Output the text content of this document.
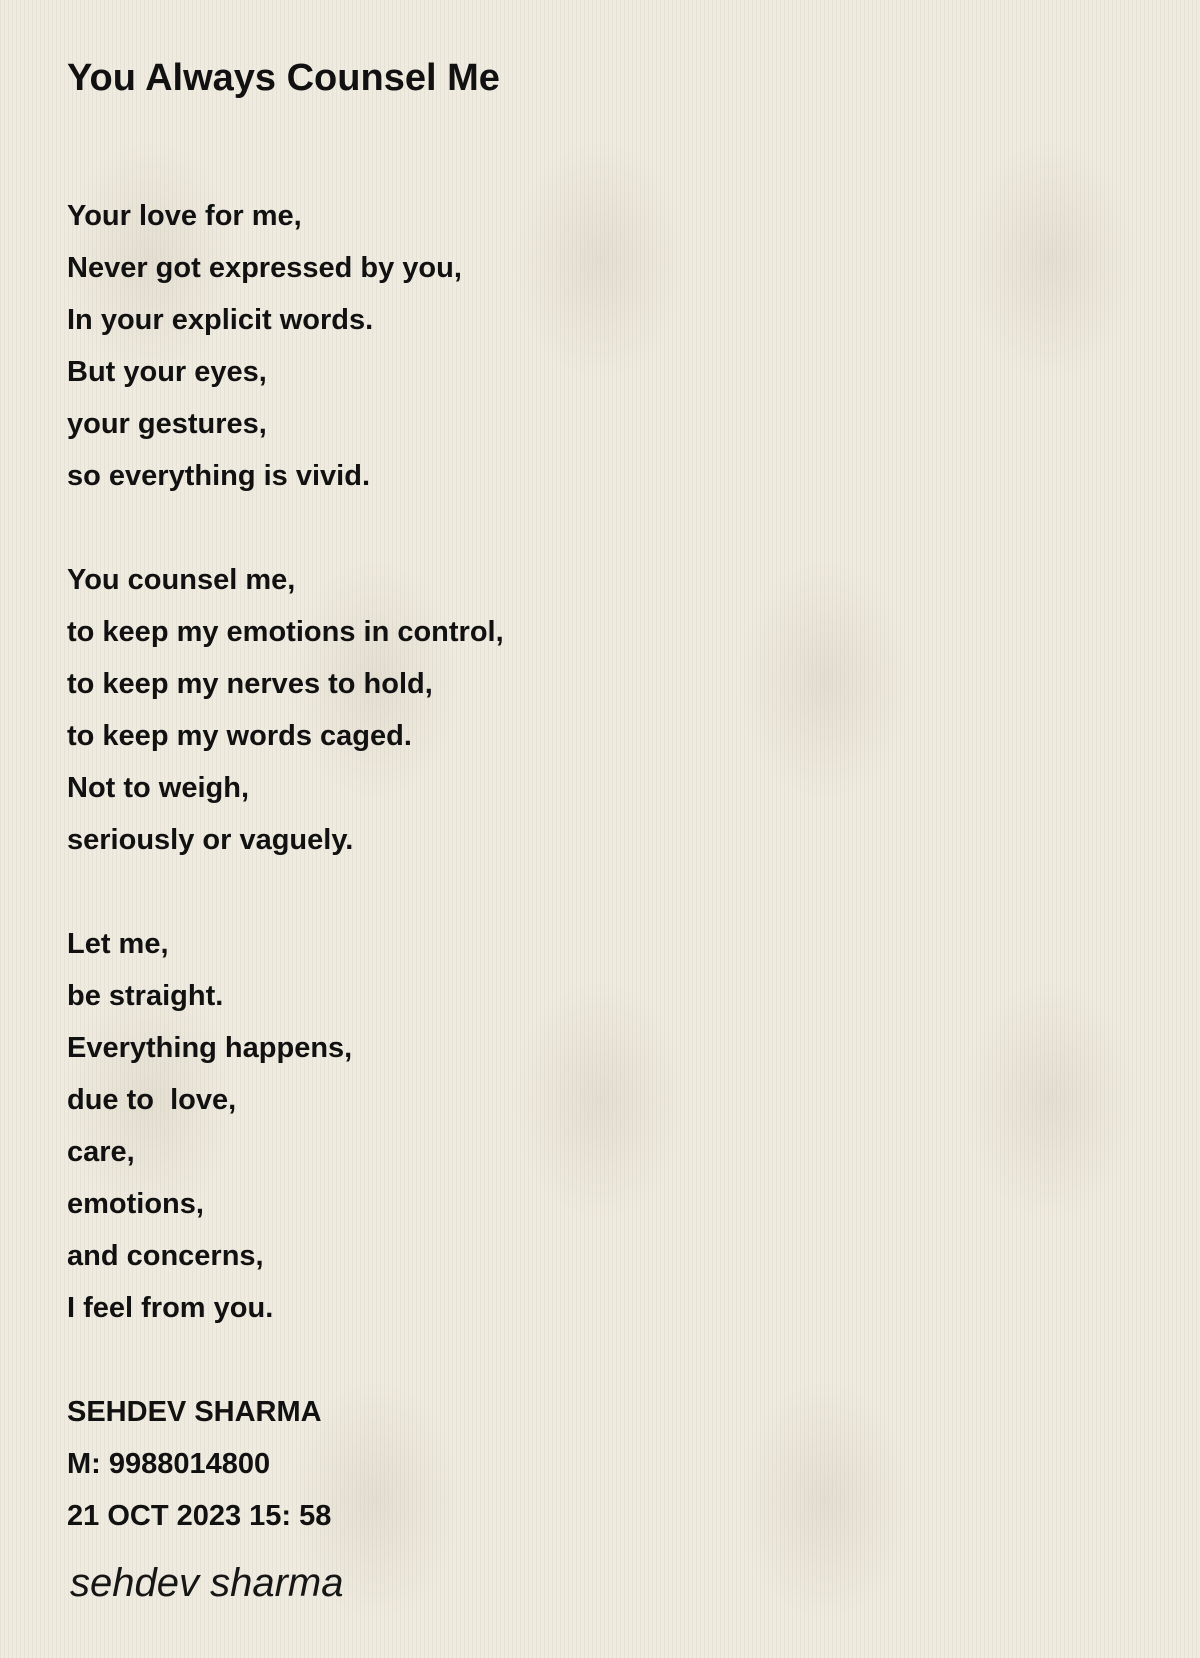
You Always Counsel Me
Your love for me,
Never got expressed by you,
In your explicit words.
But your eyes,
your gestures,
so everything is vivid.
You counsel me,
to keep my emotions in control,
to keep my nerves to hold,
to keep my words caged.
Not to weigh,
seriously or vaguely.
Let me,
be straight.
Everything happens,
due to  love,
care,
emotions,
and concerns,
I feel from you.
SEHDEV SHARMA
M: 9988014800
21 OCT 2023 15: 58
sehdev sharma
